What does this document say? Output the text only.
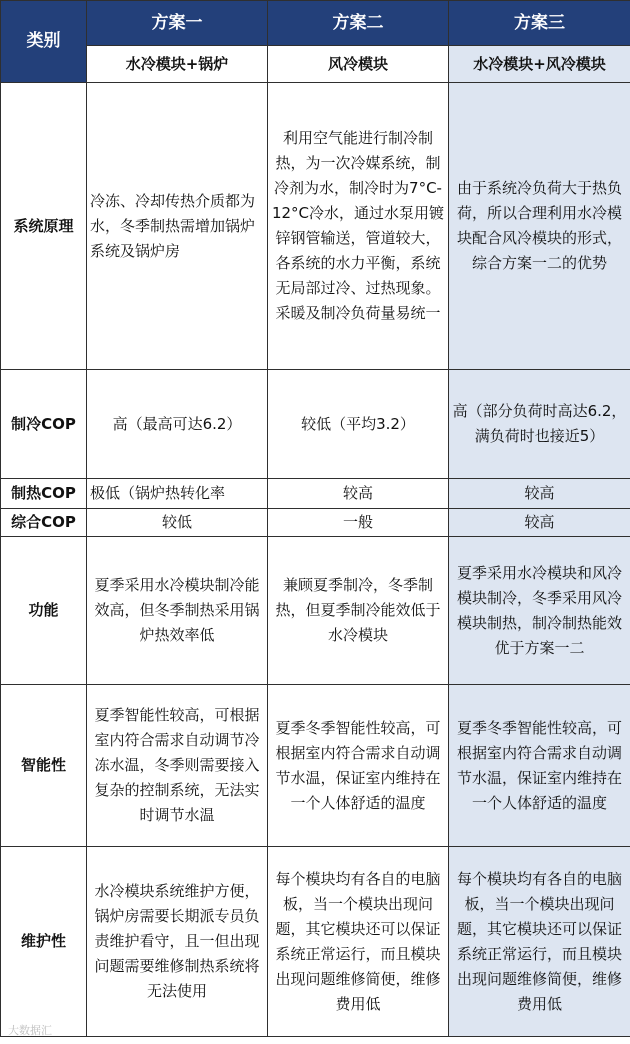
类别	方案一	方案二	方案三
	水冷模块+锅炉	风冷模块	水冷模块+风冷模块
系统原理	冷冻、冷却传热介质都为水，冬季制热需增加锅炉系统及锅炉房	利用空气能进行制冷制热，为一次冷媒系统，制冷剂为水，制冷时为7°C-12°C冷水，通过水泵用镀锌钢管输送，管道较大，各系统的水力平衡，系统无局部过冷、过热现象。采暖及制冷负荷量易统一	由于系统冷负荷大于热负荷，所以合理利用水冷模块配合风冷模块的形式，综合方案一二的优势
制冷COP	高（最高可达6.2）	较低（平均3.2）	高（部分负荷时高达6.2，满负荷时也接近5）
制热COP	极低（锅炉热转化率	较高	较高
综合COP	较低	一般	较高
功能	夏季采用水冷模块制冷能效高，但冬季制热采用锅炉热效率低	兼顾夏季制冷，冬季制热，但夏季制冷能效低于水冷模块	夏季采用水冷模块和风冷模块制冷，冬季采用风冷模块制热，制冷制热能效优于方案一二
智能性	夏季智能性较高，可根据室内符合需求自动调节冷冻水温，冬季则需要接入复杂的控制系统，无法实时调节水温	夏季冬季智能性较高，可根据室内符合需求自动调节水温，保证室内维持在一个人体舒适的温度	夏季冬季智能性较高，可根据室内符合需求自动调节水温，保证室内维持在一个人体舒适的温度
维护性	水冷模块系统维护方便，锅炉房需要长期派专员负责维护看守，且一但出现问题需要维修制热系统将无法使用	每个模块均有各自的电脑板，当一个模块出现问题，其它模块还可以保证系统正常运行，而且模块出现问题维修简便，维修费用低	每个模块均有各自的电脑板，当一个模块出现问题，其它模块还可以保证系统正常运行，而且模块出现问题维修简便，维修费用低
大数据汇
